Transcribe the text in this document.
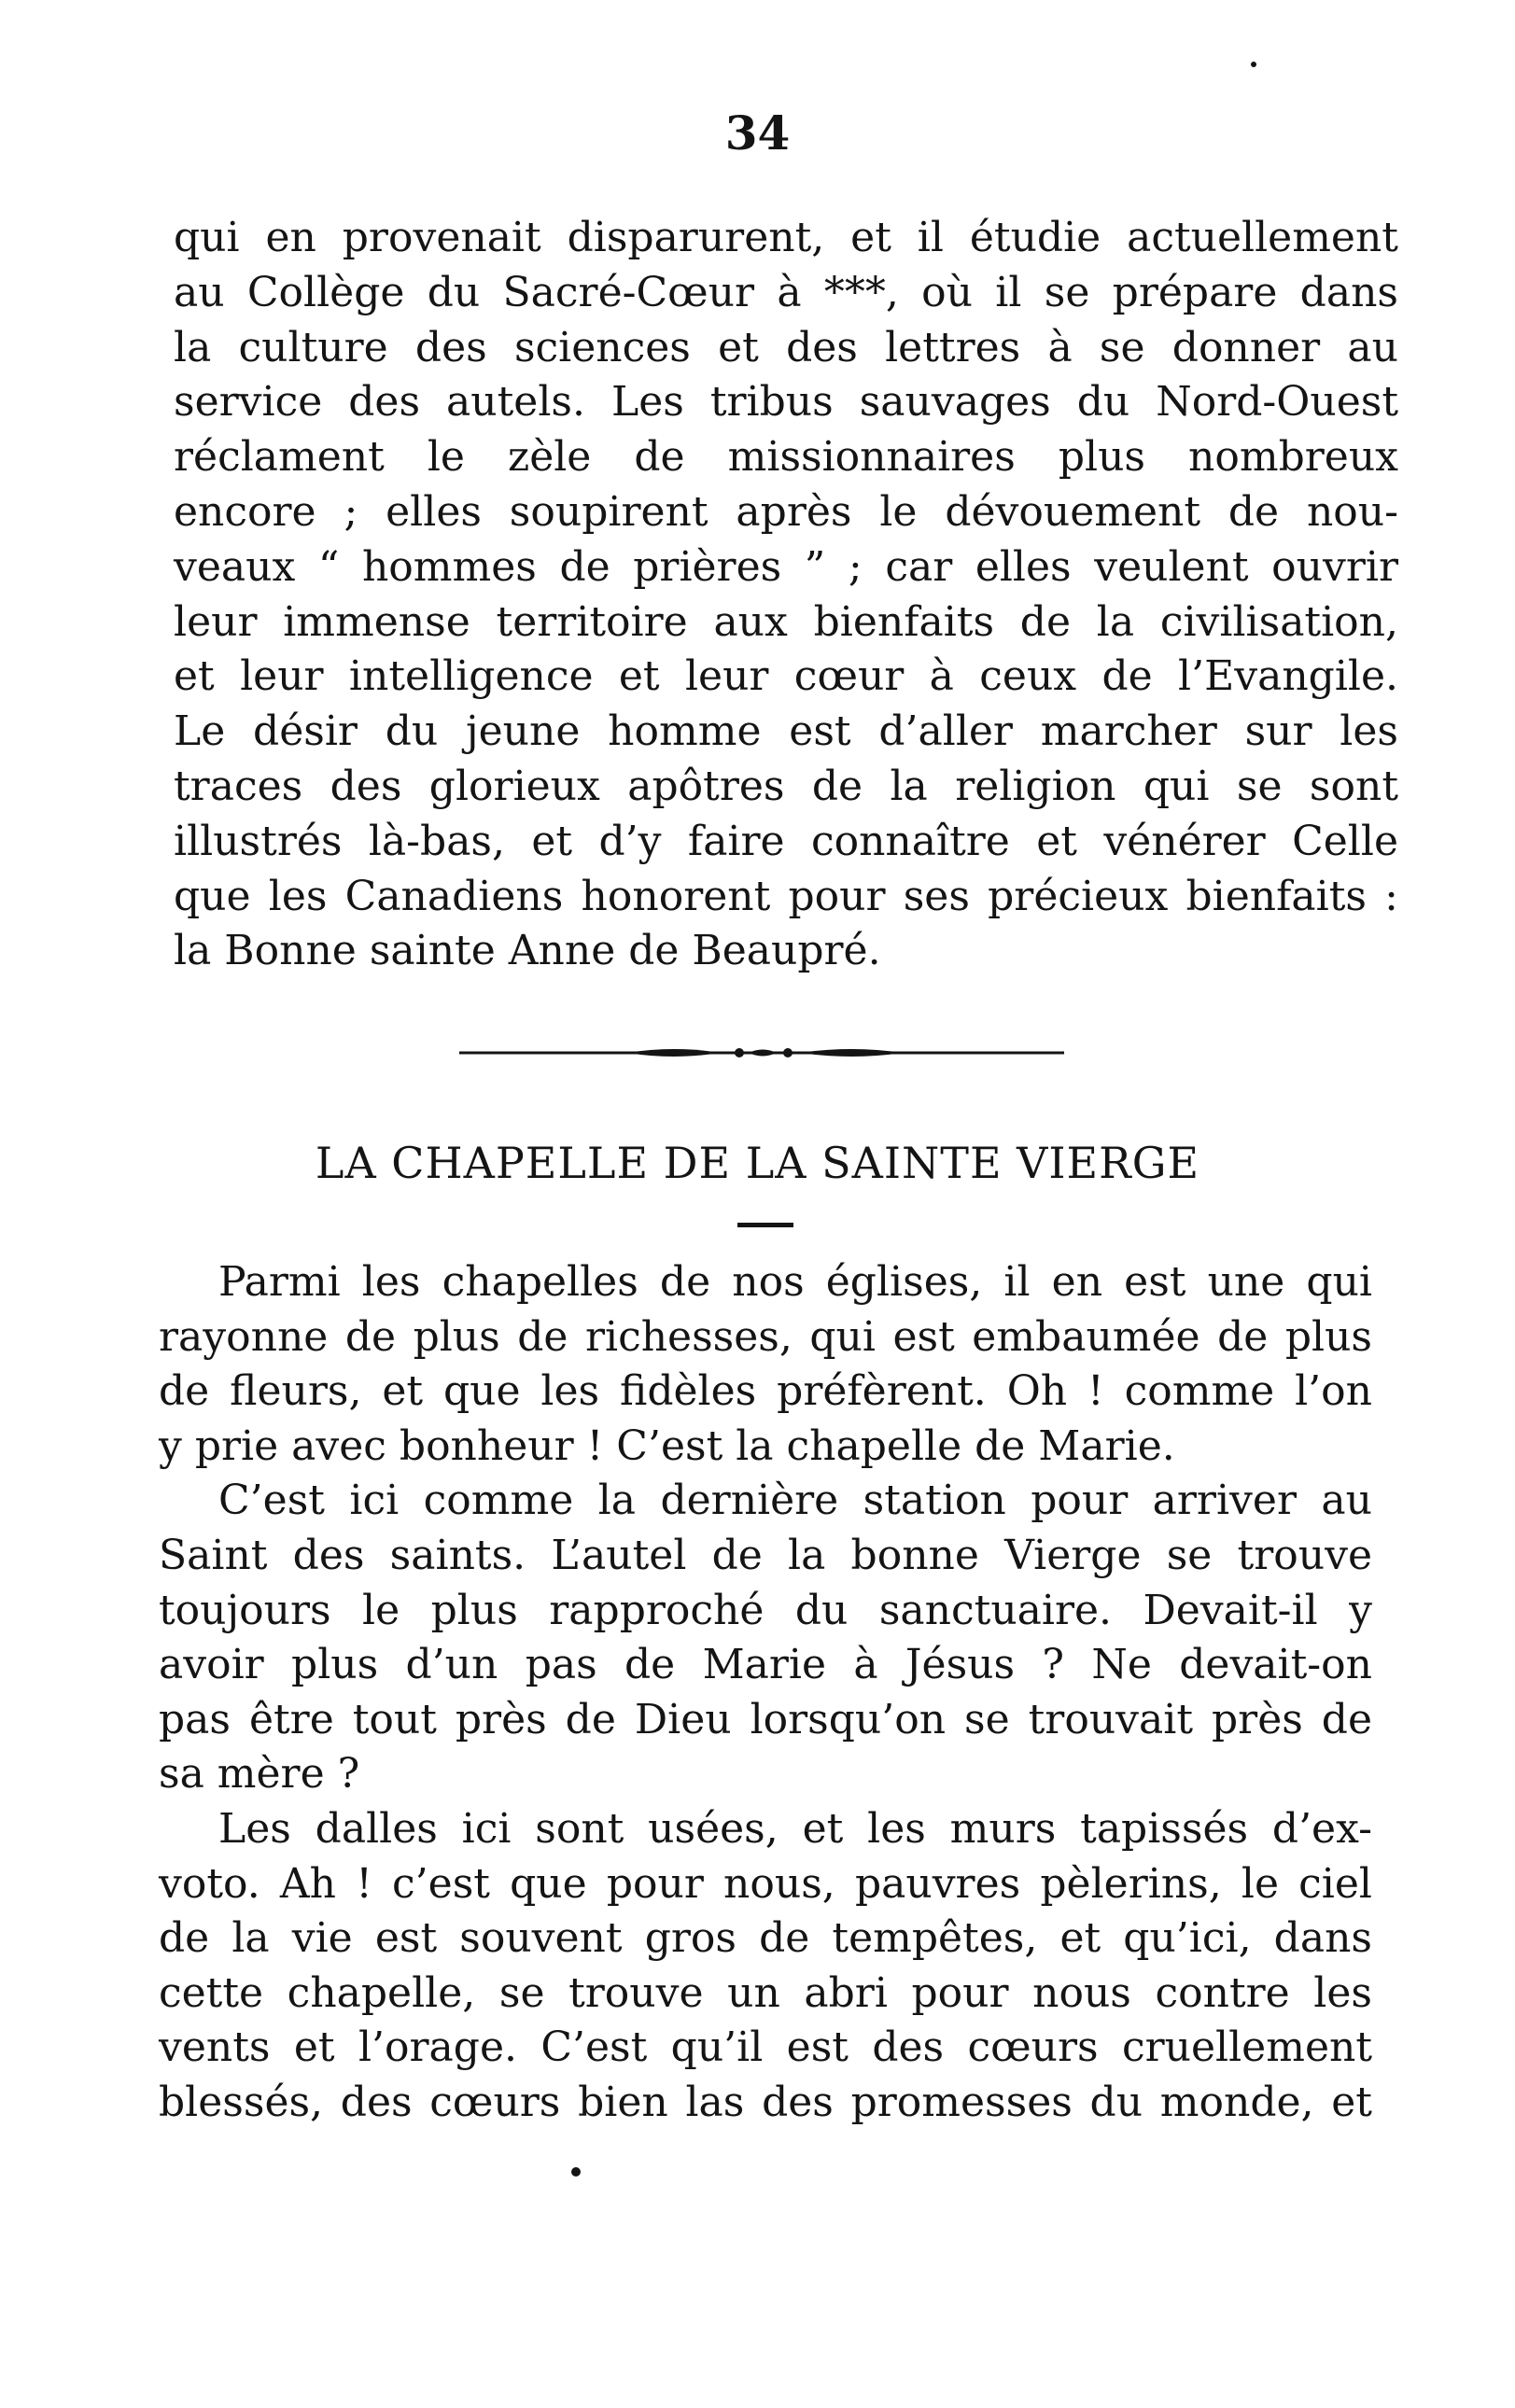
34
qui en provenait disparurent, et il étudie actuellement
au Collège du Sacré-Cœur à ***, où il se prépare dans
la culture des sciences et des lettres à se donner au
service des autels. Les tribus sauvages du Nord-Ouest
réclament le zèle de missionnaires plus nombreux
encore ; elles soupirent après le dévouement de nou-
veaux “ hommes de prières ” ; car elles veulent ouvrir
leur immense territoire aux bienfaits de la civilisation,
et leur intelligence et leur cœur à ceux de l’Evangile.
Le désir du jeune homme est d’aller marcher sur les
traces des glorieux apôtres de la religion qui se sont
illustrés là-bas, et d’y faire connaître et vénérer Celle
que les Canadiens honorent pour ses précieux bienfaits :
la Bonne sainte Anne de Beaupré.
LA CHAPELLE DE LA SAINTE VIERGE
Parmi les chapelles de nos églises, il en est une qui
rayonne de plus de richesses, qui est embaumée de plus
de fleurs, et que les fidèles préfèrent. Oh ! comme l’on
y prie avec bonheur ! C’est la chapelle de Marie.
C’est ici comme la dernière station pour arriver au
Saint des saints. L’autel de la bonne Vierge se trouve
toujours le plus rapproché du sanctuaire. Devait-il y
avoir plus d’un pas de Marie à Jésus ? Ne devait-on
pas être tout près de Dieu lorsqu’on se trouvait près de
sa mère ?
Les dalles ici sont usées, et les murs tapissés d’ex-
voto. Ah ! c’est que pour nous, pauvres pèlerins, le ciel
de la vie est souvent gros de tempêtes, et qu’ici, dans
cette chapelle, se trouve un abri pour nous contre les
vents et l’orage. C’est qu’il est des cœurs cruellement
blessés, des cœurs bien las des promesses du monde, et
